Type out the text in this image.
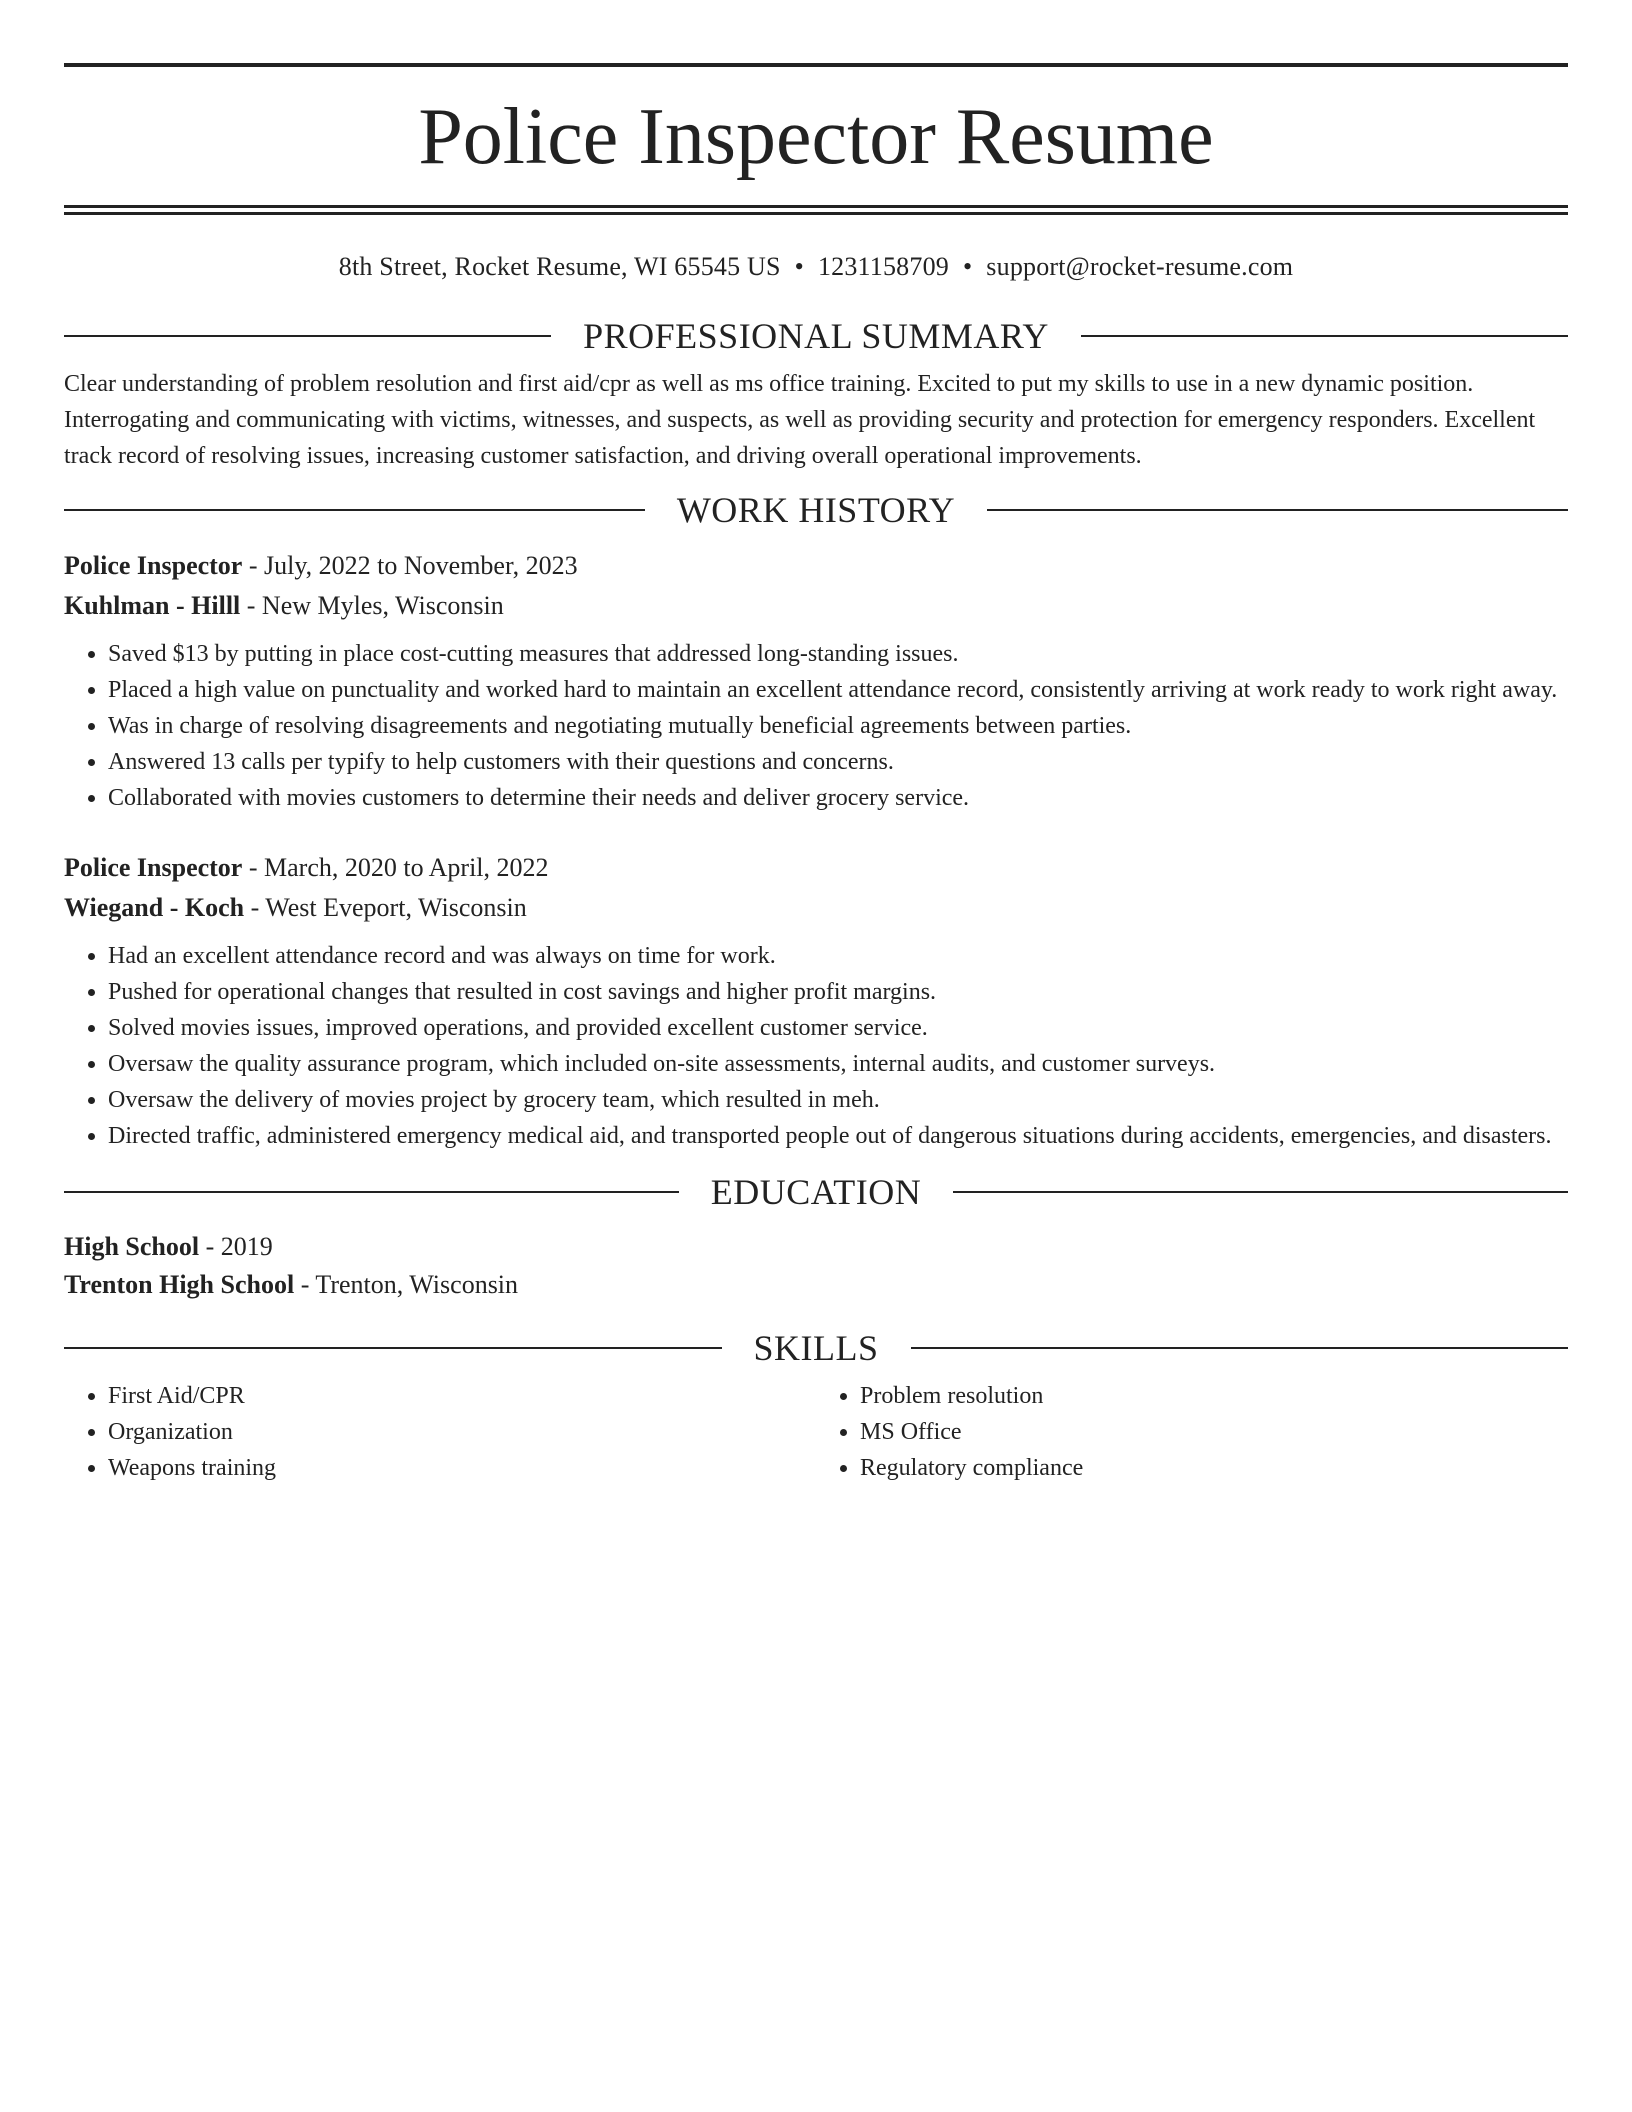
Police Inspector Resume
8th Street, Rocket Resume, WI 65545 US • 1231158709 • support@rocket-resume.com
PROFESSIONAL SUMMARY
Clear understanding of problem resolution and first aid/cpr as well as ms office training. Excited to put my skills to use in a new dynamic position. Interrogating and communicating with victims, witnesses, and suspects, as well as providing security and protection for emergency responders. Excellent track record of resolving issues, increasing customer satisfaction, and driving overall operational improvements.
WORK HISTORY
Police Inspector - July, 2022 to November, 2023
Kuhlman - Hilll - New Myles, Wisconsin
• Saved $13 by putting in place cost-cutting measures that addressed long-standing issues.
• Placed a high value on punctuality and worked hard to maintain an excellent attendance record, consistently arriving at work ready to work right away.
• Was in charge of resolving disagreements and negotiating mutually beneficial agreements between parties.
• Answered 13 calls per typify to help customers with their questions and concerns.
• Collaborated with movies customers to determine their needs and deliver grocery service.
Police Inspector - March, 2020 to April, 2022
Wiegand - Koch - West Eveport, Wisconsin
• Had an excellent attendance record and was always on time for work.
• Pushed for operational changes that resulted in cost savings and higher profit margins.
• Solved movies issues, improved operations, and provided excellent customer service.
• Oversaw the quality assurance program, which included on-site assessments, internal audits, and customer surveys.
• Oversaw the delivery of movies project by grocery team, which resulted in meh.
• Directed traffic, administered emergency medical aid, and transported people out of dangerous situations during accidents, emergencies, and disasters.
EDUCATION
High School - 2019
Trenton High School - Trenton, Wisconsin
SKILLS
• First Aid/CPR
• Organization
• Weapons training
• Problem resolution
• MS Office
• Regulatory compliance
